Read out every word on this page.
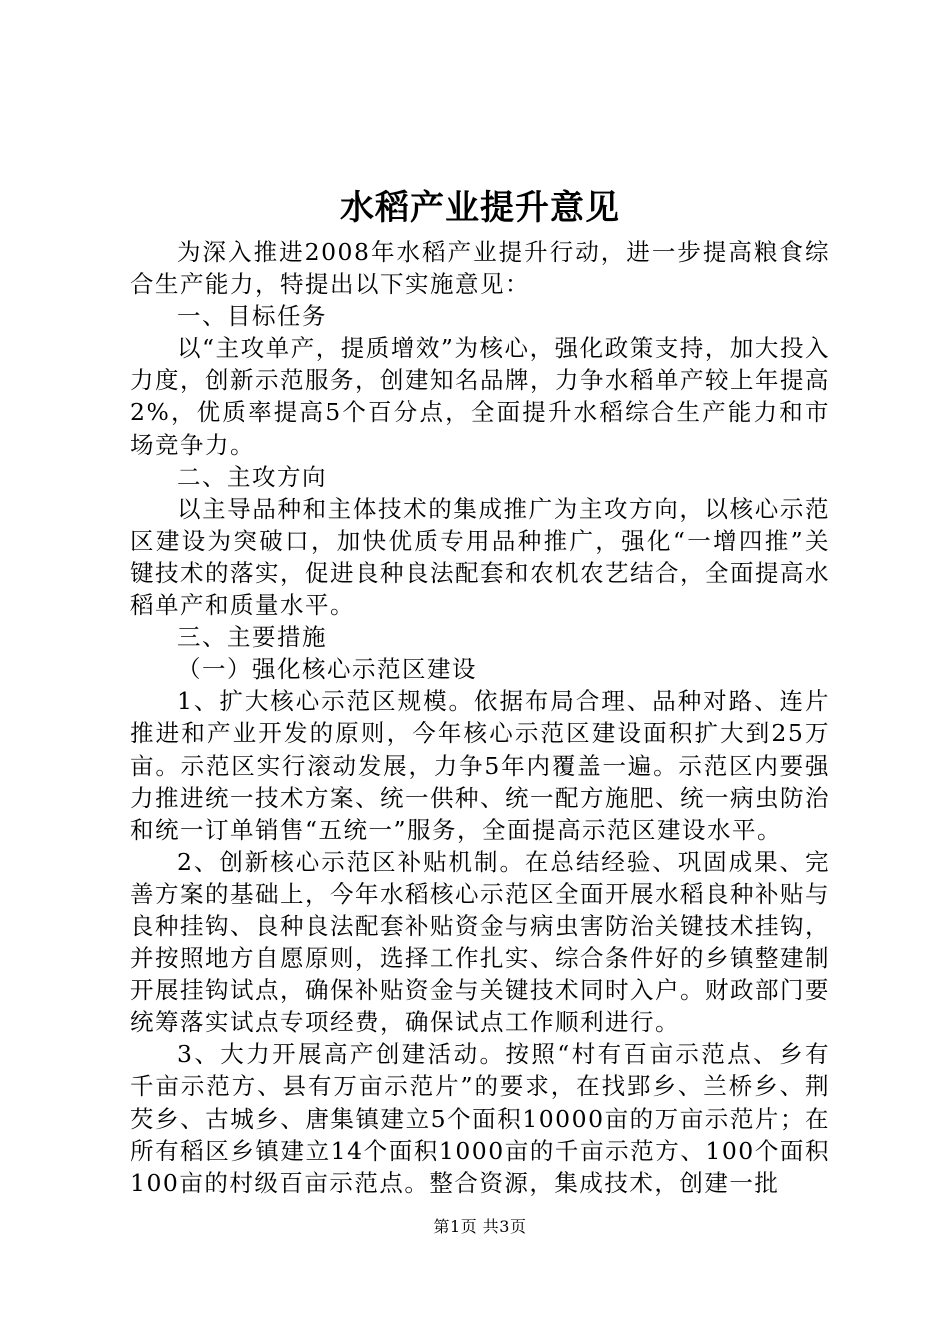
水稻产业提升意见

为深入推进2008年水稻产业提升行动，进一步提高粮食综合生产能力，特提出以下实施意见：

一、目标任务

以“主攻单产，提质增效”为核心，强化政策支持，加大投入力度，创新示范服务，创建知名品牌，力争水稻单产较上年提高2%，优质率提高5个百分点，全面提升水稻综合生产能力和市场竞争力。

二、主攻方向

以主导品种和主体技术的集成推广为主攻方向，以核心示范区建设为突破口，加快优质专用品种推广，强化“一增四推”关键技术的落实，促进良种良法配套和农机农艺结合，全面提高水稻单产和质量水平。

三、主要措施

（一）强化核心示范区建设

1、扩大核心示范区规模。依据布局合理、品种对路、连片推进和产业开发的原则，今年核心示范区建设面积扩大到25万亩。示范区实行滚动发展，力争5年内覆盖一遍。示范区内要强力推进统一技术方案、统一供种、统一配方施肥、统一病虫防治和统一订单销售“五统一”服务，全面提高示范区建设水平。

2、创新核心示范区补贴机制。在总结经验、巩固成果、完善方案的基础上，今年水稻核心示范区全面开展水稻良种补贴与良种挂钩、良种良法配套补贴资金与病虫害防治关键技术挂钩，并按照地方自愿原则，选择工作扎实、综合条件好的乡镇整建制开展挂钩试点，确保补贴资金与关键技术同时入户。财政部门要统筹落实试点专项经费，确保试点工作顺利进行。

3、大力开展高产创建活动。按照“村有百亩示范点、乡有千亩示范方、县有万亩示范片”的要求，在找郢乡、兰桥乡、荆芡乡、古城乡、唐集镇建立5个面积10000亩的万亩示范片；在所有稻区乡镇建立14个面积1000亩的千亩示范方、100个面积100亩的村级百亩示范点。整合资源，集成技术，创建一批

第1页 共3页
